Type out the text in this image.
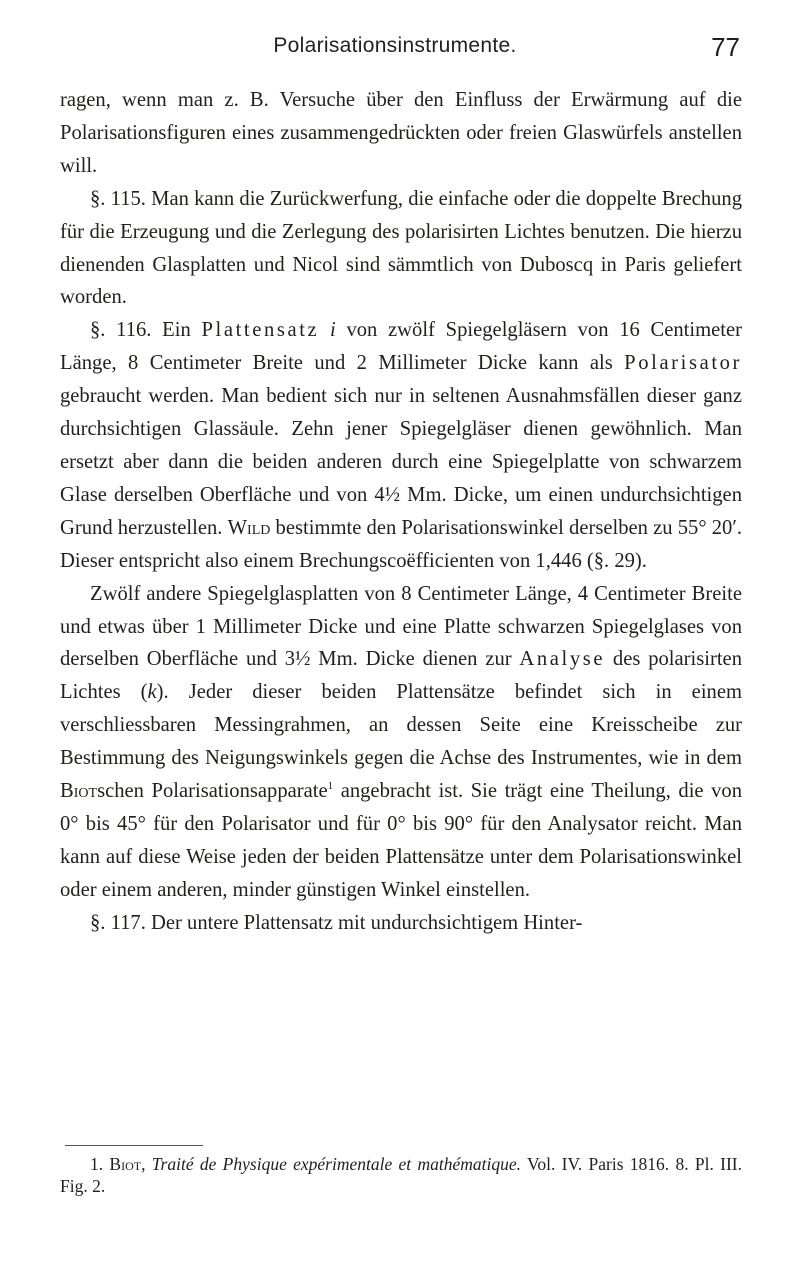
Polarisationsinstrumente.	77

ragen, wenn man z. B. Versuche über den Einfluss der Erwärmung auf die Polarisationsfiguren eines zusammengedrückten oder freien Glaswürfels anstellen will.

§. 115. Man kann die Zurückwerfung, die einfache oder die doppelte Brechung für die Erzeugung und die Zerlegung des polarisirten Lichtes benutzen. Die hierzu dienenden Glasplatten und Nicol sind sämmtlich von Duboscq in Paris geliefert worden.

§. 116. Ein Plattensatz i von zwölf Spiegelgläsern von 16 Centimeter Länge, 8 Centimeter Breite und 2 Millimeter Dicke kann als Polarisator gebraucht werden. Man bedient sich nur in seltenen Ausnahmsfällen dieser ganz durchsichtigen Glassäule. Zehn jener Spiegelgläser dienen gewöhnlich. Man ersetzt aber dann die beiden anderen durch eine Spiegelplatte von schwarzem Glase derselben Oberfläche und von 4½ Mm. Dicke, um einen undurchsichtigen Grund herzustellen. Wild bestimmte den Polarisationswinkel derselben zu 55° 20′. Dieser entspricht also einem Brechungscoëfficienten von 1,446 (§. 29).

Zwölf andere Spiegelglasplatten von 8 Centimeter Länge, 4 Centimeter Breite und etwas über 1 Millimeter Dicke und eine Platte schwarzen Spiegelglases von derselben Oberfläche und 3½ Mm. Dicke dienen zur Analyse des polarisirten Lichtes (k). Jeder dieser beiden Plattensätze befindet sich in einem verschliessbaren Messingrahmen, an dessen Seite eine Kreisscheibe zur Bestimmung des Neigungswinkels gegen die Achse des Instrumentes, wie in dem Biotschen Polarisationsapparate$^1$ angebracht ist. Sie trägt eine Theilung, die von 0° bis 45° für den Polarisator und für 0° bis 90° für den Analysator reicht. Man kann auf diese Weise jeden der beiden Plattensätze unter dem Polarisationswinkel oder einem anderen, minder günstigen Winkel einstellen.

§. 117. Der untere Plattensatz mit undurchsichtigem Hinter-

1. Biot, Traité de Physique expérimentale et mathématique. Vol. IV. Paris 1816. 8. Pl. III. Fig. 2.
